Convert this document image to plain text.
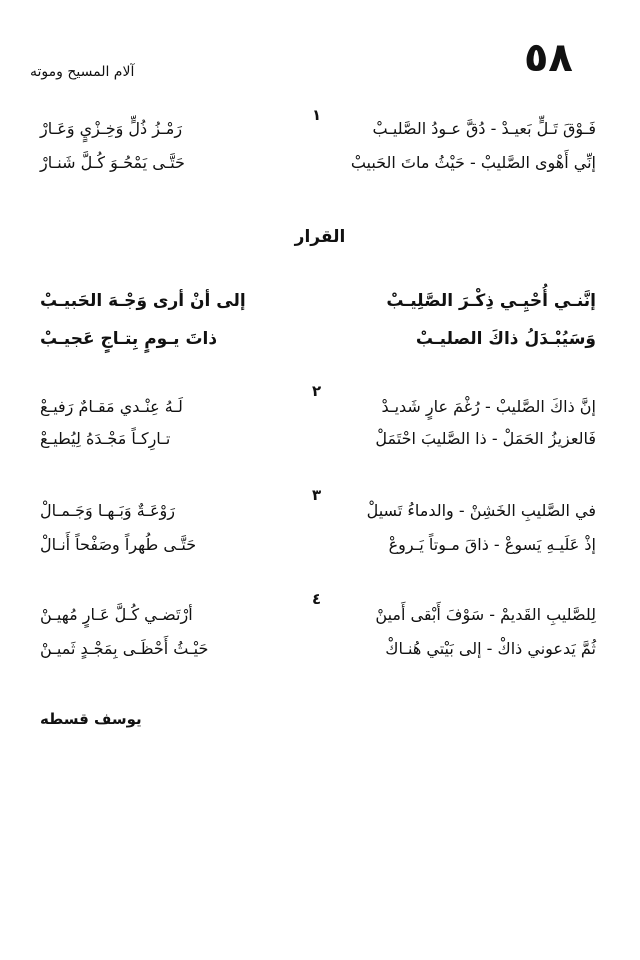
٥٨
آلام المسيح وموته
١
فَـوْقَ تَـلٍّ بَعيـدْ - دُقَّ عـودُ الصَّليـبْ
رَمْـزُ ذُلٍّ وَخِـزْيٍ وَعَـارْ
إنِّي أَهْوى الصَّليبْ - حَيْثُ ماتَ الحَبيبْ
حَتَّـى يَمْحُـوَ كُـلَّ شَنـارْ
القرار
إنَّنـي أُحْيِـي ذِكْـرَ الصَّلِيـبْ
إلى أنْ أرى وَجْـهَ الحَبيـبْ
وَسَيُبْـدَلُ ذاكَ الصليـبْ
ذاتَ يـومٍ بِتـاجٍ عَجيـبْ
٢
إنَّ ذاكَ الصَّليبْ - رُغْمَ عارٍ شَديـدْ
لَـهُ عِنْـدي مَقـامٌ رَفيـعْ
فَالعزيزُ الحَمَلْ - ذا الصَّليبَ احْتَمَلْ
تـارِكـاً مَجْـدَهُ لِيُطيـعْ
٣
في الصَّليبِ الخَشِنْ - والدماءُ تَسيلْ
رَوْعَـةٌ وَبَـهـا وَجَـمـالْ
إذْ عَلَيـهِ يَسوعْ - ذاقَ مـوتاً يَـروعْ
حَتَّـى طُهراً وصَفْحاً أَنـالْ
٤
لِلصَّليبِ القَديمْ - سَوْفَ أَبْقى أَمينْ
أرْتَضـي كُـلَّ عَـارٍ مُهيـنْ
ثُمَّ يَدعوني ذاكْ - إلى بَيْتي هُنـاكْ
حَيْـثُ أَحْظَـى بِمَجْـدٍ ثَميـنْ
يوسف قسطه
